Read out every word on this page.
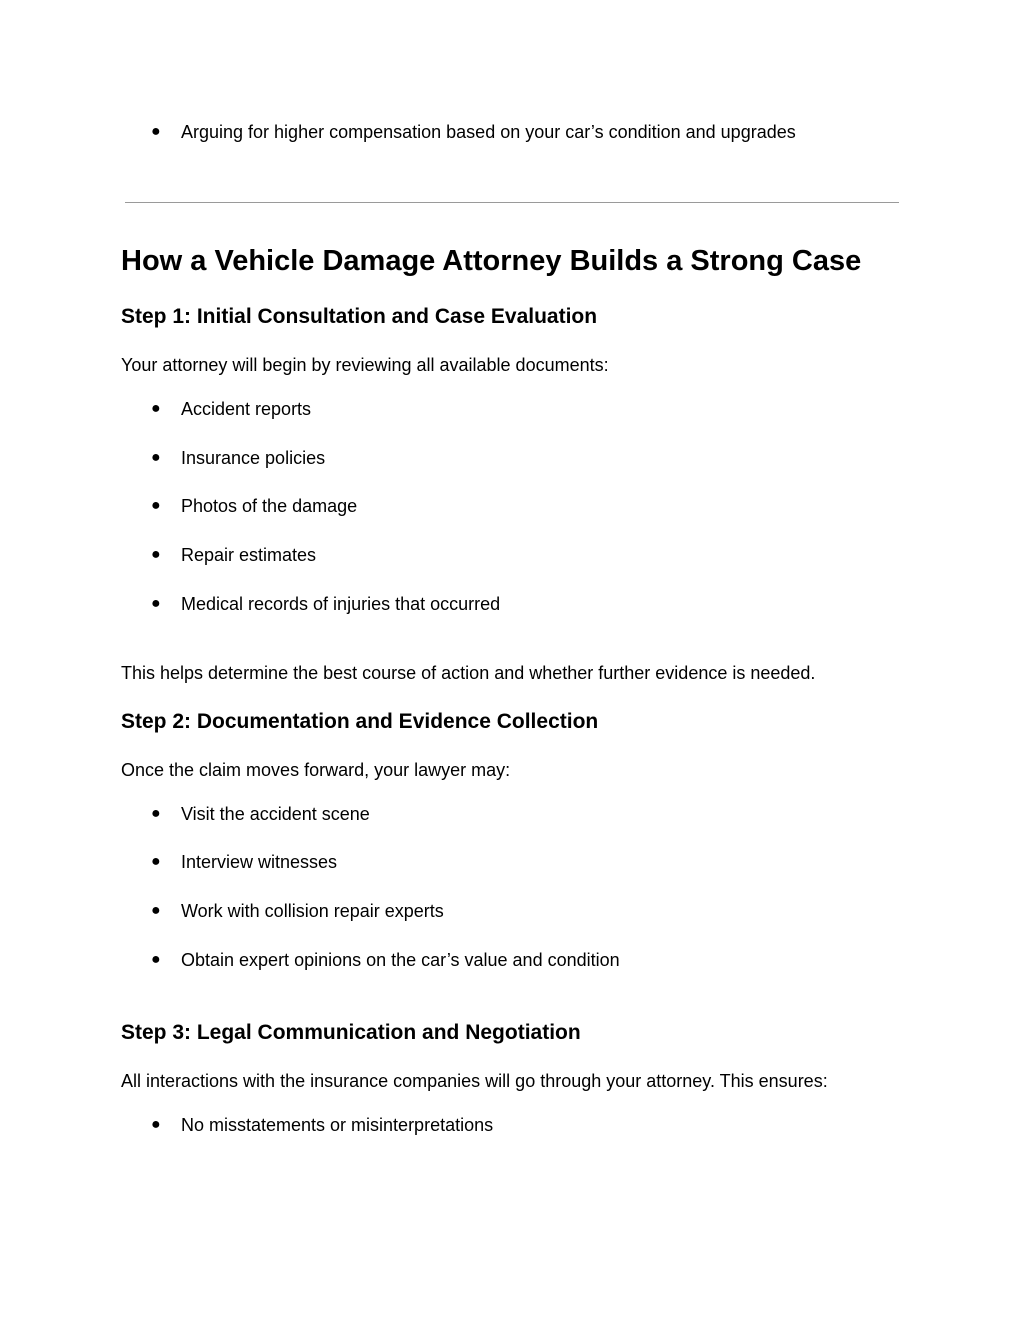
● Arguing for higher compensation based on your car’s condition and upgrades
How a Vehicle Damage Attorney Builds a Strong Case
Step 1: Initial Consultation and Case Evaluation
Your attorney will begin by reviewing all available documents:
● Accident reports
● Insurance policies
● Photos of the damage
● Repair estimates
● Medical records of injuries that occurred
This helps determine the best course of action and whether further evidence is needed.
Step 2: Documentation and Evidence Collection
Once the claim moves forward, your lawyer may:
● Visit the accident scene
● Interview witnesses
● Work with collision repair experts
● Obtain expert opinions on the car’s value and condition
Step 3: Legal Communication and Negotiation
All interactions with the insurance companies will go through your attorney. This ensures:
● No misstatements or misinterpretations
